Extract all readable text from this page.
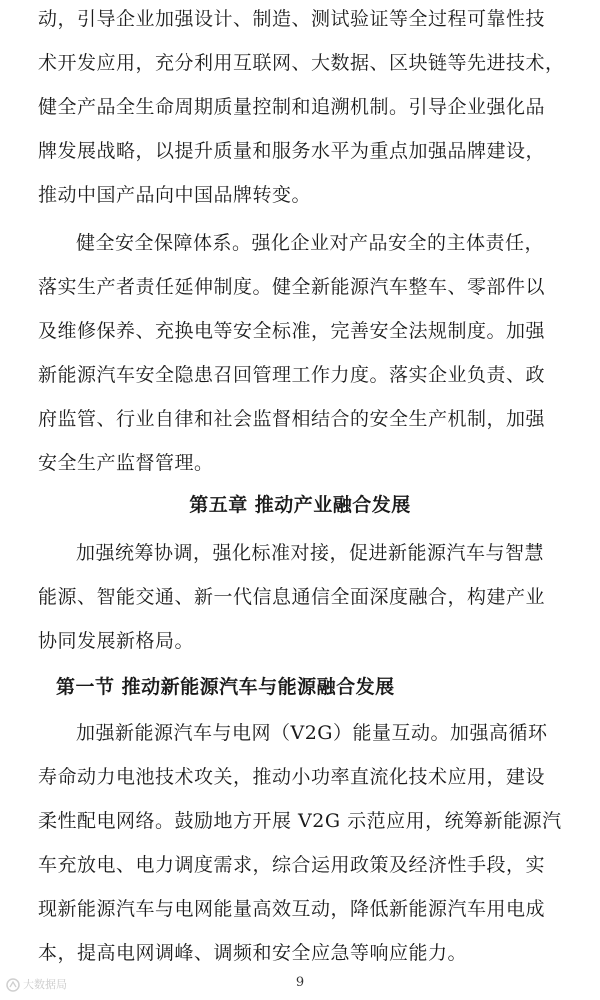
动，引导企业加强设计、制造、测试验证等全过程可靠性技
术开发应用，充分利用互联网、大数据、区块链等先进技术，
健全产品全生命周期质量控制和追溯机制。引导企业强化品
牌发展战略，以提升质量和服务水平为重点加强品牌建设，
推动中国产品向中国品牌转变。
健全安全保障体系。强化企业对产品安全的主体责任，
落实生产者责任延伸制度。健全新能源汽车整车、零部件以
及维修保养、充换电等安全标准，完善安全法规制度。加强
新能源汽车安全隐患召回管理工作力度。落实企业负责、政
府监管、行业自律和社会监督相结合的安全生产机制，加强
安全生产监督管理。
第五章 推动产业融合发展
加强统筹协调，强化标准对接，促进新能源汽车与智慧
能源、智能交通、新一代信息通信全面深度融合，构建产业
协同发展新格局。
第一节 推动新能源汽车与能源融合发展
加强新能源汽车与电网（V2G）能量互动。加强高循环
寿命动力电池技术攻关，推动小功率直流化技术应用，建设
柔性配电网络。鼓励地方开展 V2G 示范应用，统筹新能源汽
车充放电、电力调度需求，综合运用政策及经济性手段，实
现新能源汽车与电网能量高效互动，降低新能源汽车用电成
本，提高电网调峰、调频和安全应急等响应能力。
大数据局	9
